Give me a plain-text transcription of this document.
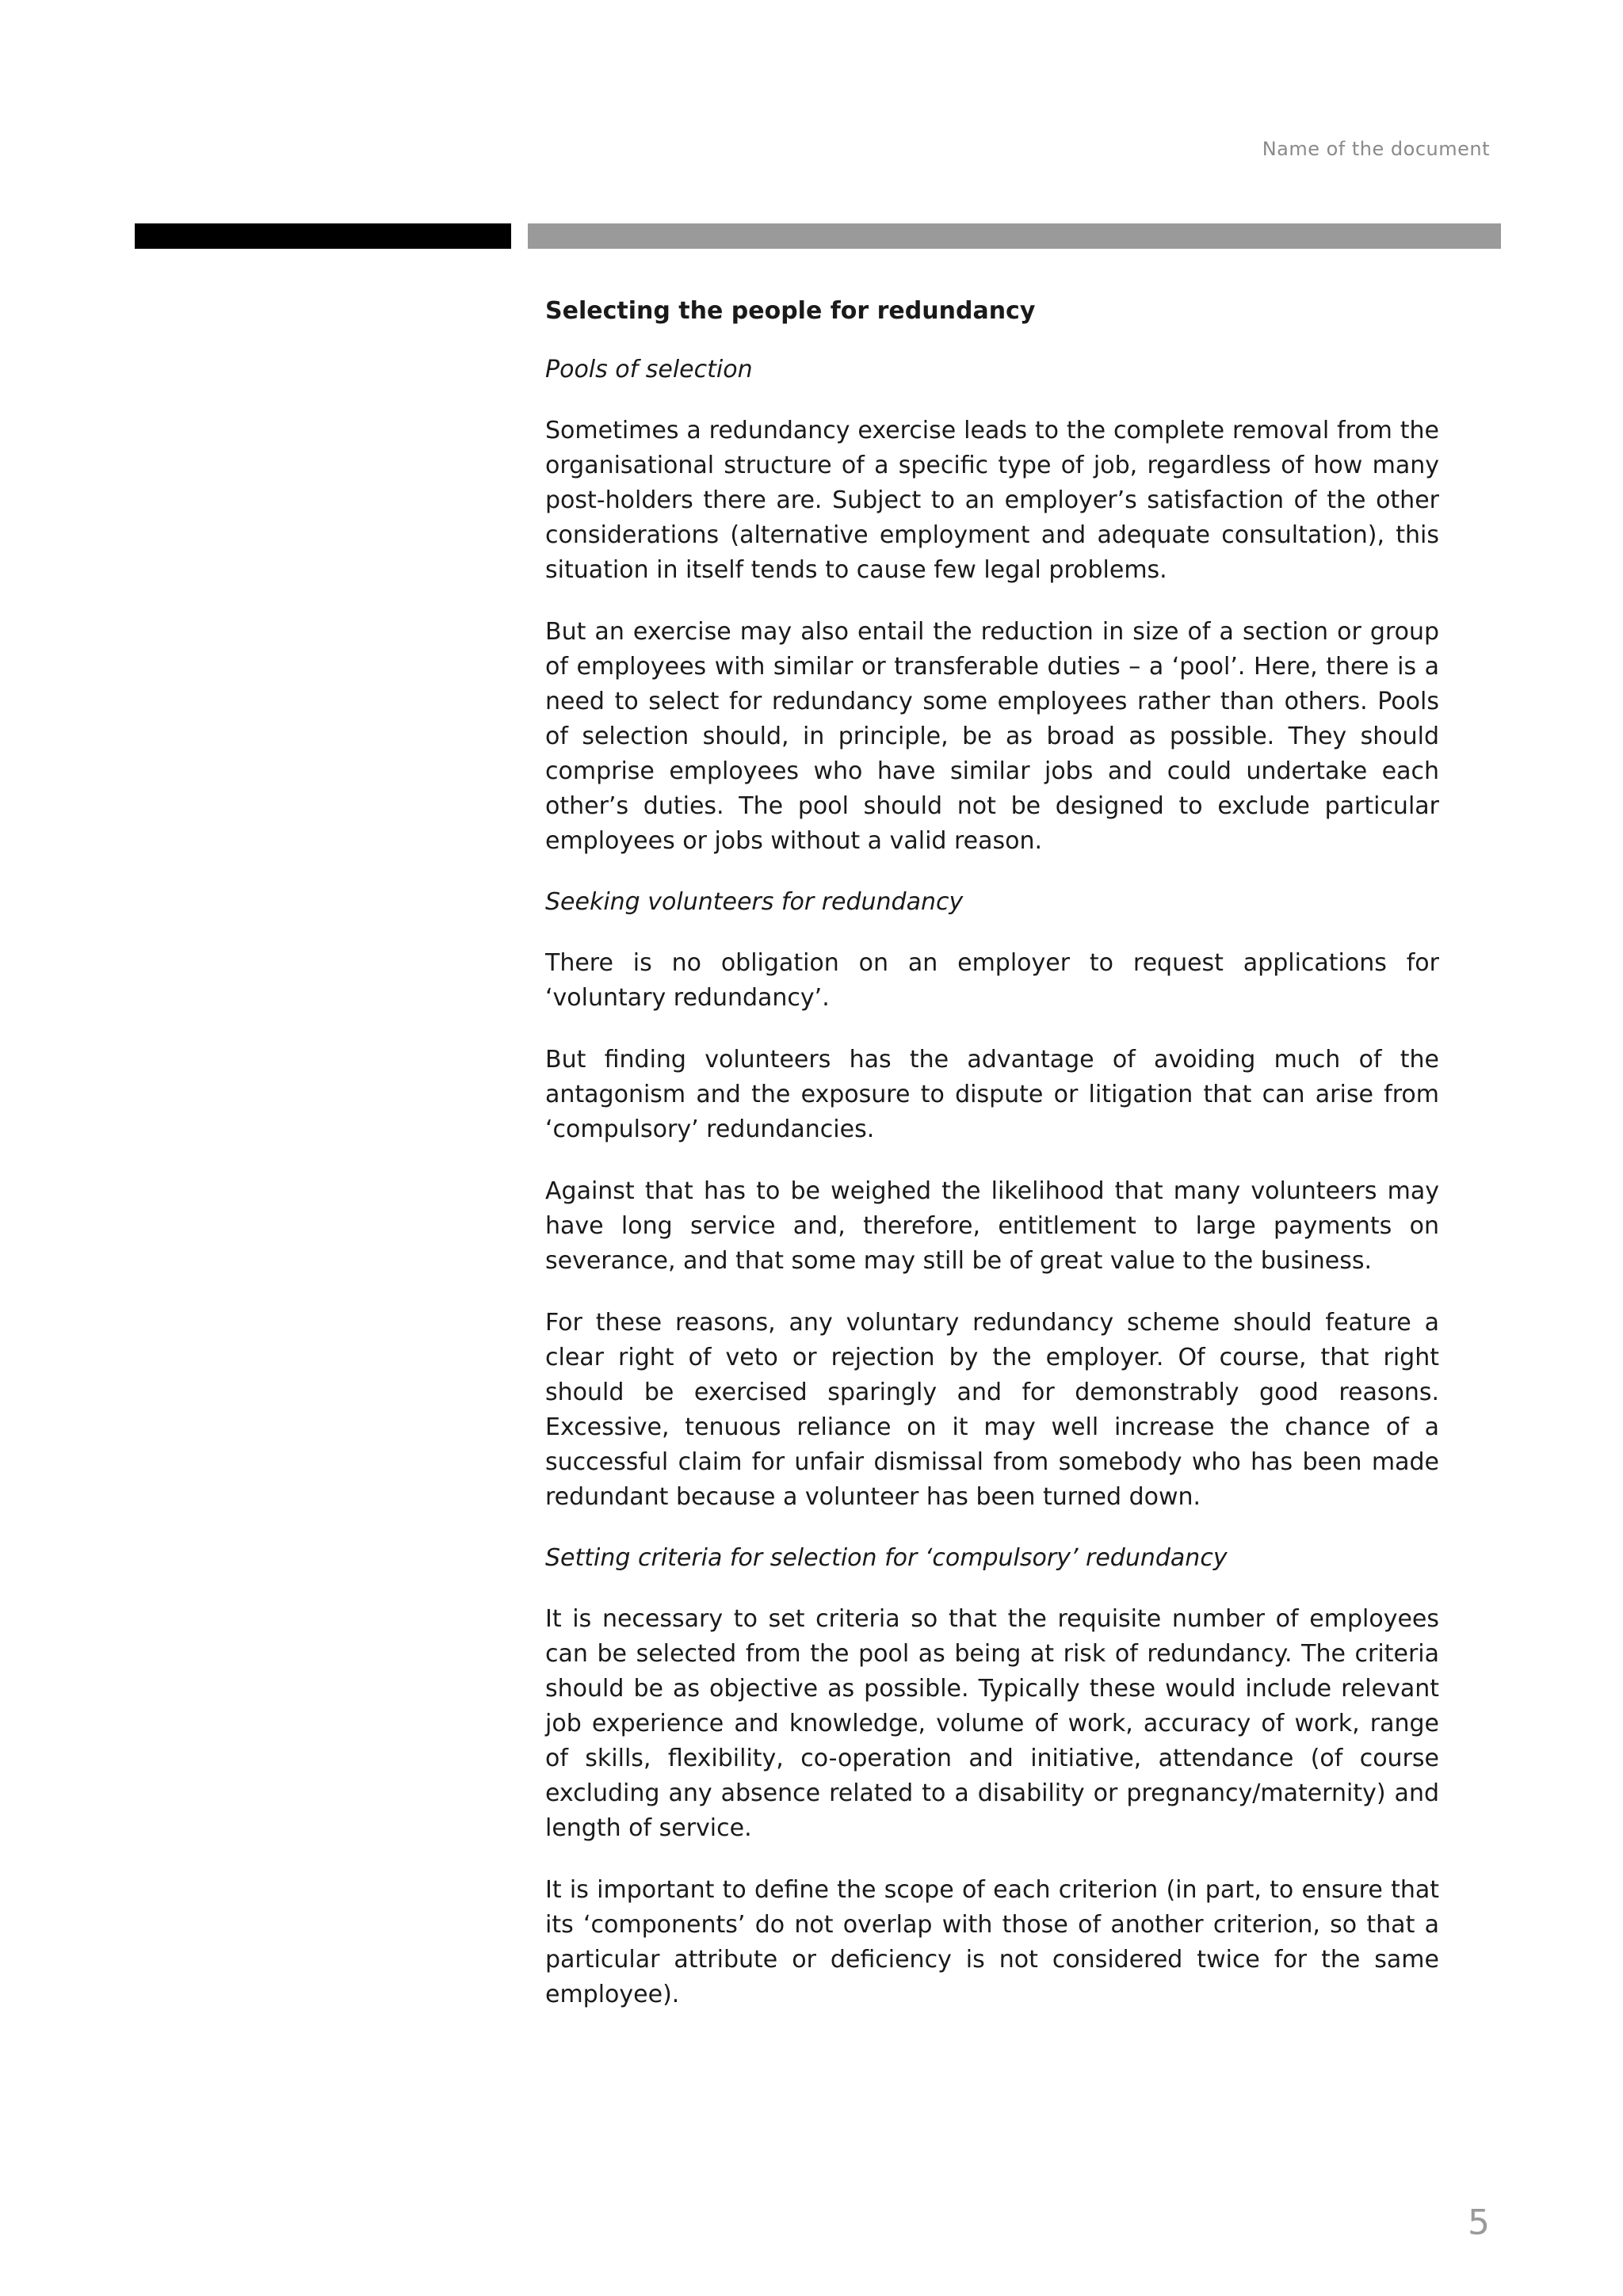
Name of the document
Selecting the people for redundancy
Pools of selection

Sometimes a redundancy exercise leads to the complete removal from the organisational structure of a specific type of job, regardless of how many post-holders there are. Subject to an employer’s satisfaction of the other considerations (alternative employment and adequate consultation), this situation in itself tends to cause few legal problems.

But an exercise may also entail the reduction in size of a section or group of employees with similar or transferable duties – a ‘pool’. Here, there is a need to select for redundancy some employees rather than others. Pools of selection should, in principle, be as broad as possible. They should comprise employees who have similar jobs and could undertake each other’s duties. The pool should not be designed to exclude particular employees or jobs without a valid reason.

Seeking volunteers for redundancy

There is no obligation on an employer to request applications for ‘voluntary redundancy’.

But finding volunteers has the advantage of avoiding much of the antagonism and the exposure to dispute or litigation that can arise from ‘compulsory’ redundancies.

Against that has to be weighed the likelihood that many volunteers may have long service and, therefore, entitlement to large payments on severance, and that some may still be of great value to the business.

For these reasons, any voluntary redundancy scheme should feature a clear right of veto or rejection by the employer. Of course, that right should be exercised sparingly and for demonstrably good reasons. Excessive, tenuous reliance on it may well increase the chance of a successful claim for unfair dismissal from somebody who has been made redundant because a volunteer has been turned down.

Setting criteria for selection for ‘compulsory’ redundancy

It is necessary to set criteria so that the requisite number of employees can be selected from the pool as being at risk of redundancy. The criteria should be as objective as possible. Typically these would include relevant job experience and knowledge, volume of work, accuracy of work, range of skills, flexibility, co-operation and initiative, attendance (of course excluding any absence related to a disability or pregnancy/maternity) and length of service.

It is important to define the scope of each criterion (in part, to ensure that its ‘components’ do not overlap with those of another criterion, so that a particular attribute or deficiency is not considered twice for the same employee).

5
